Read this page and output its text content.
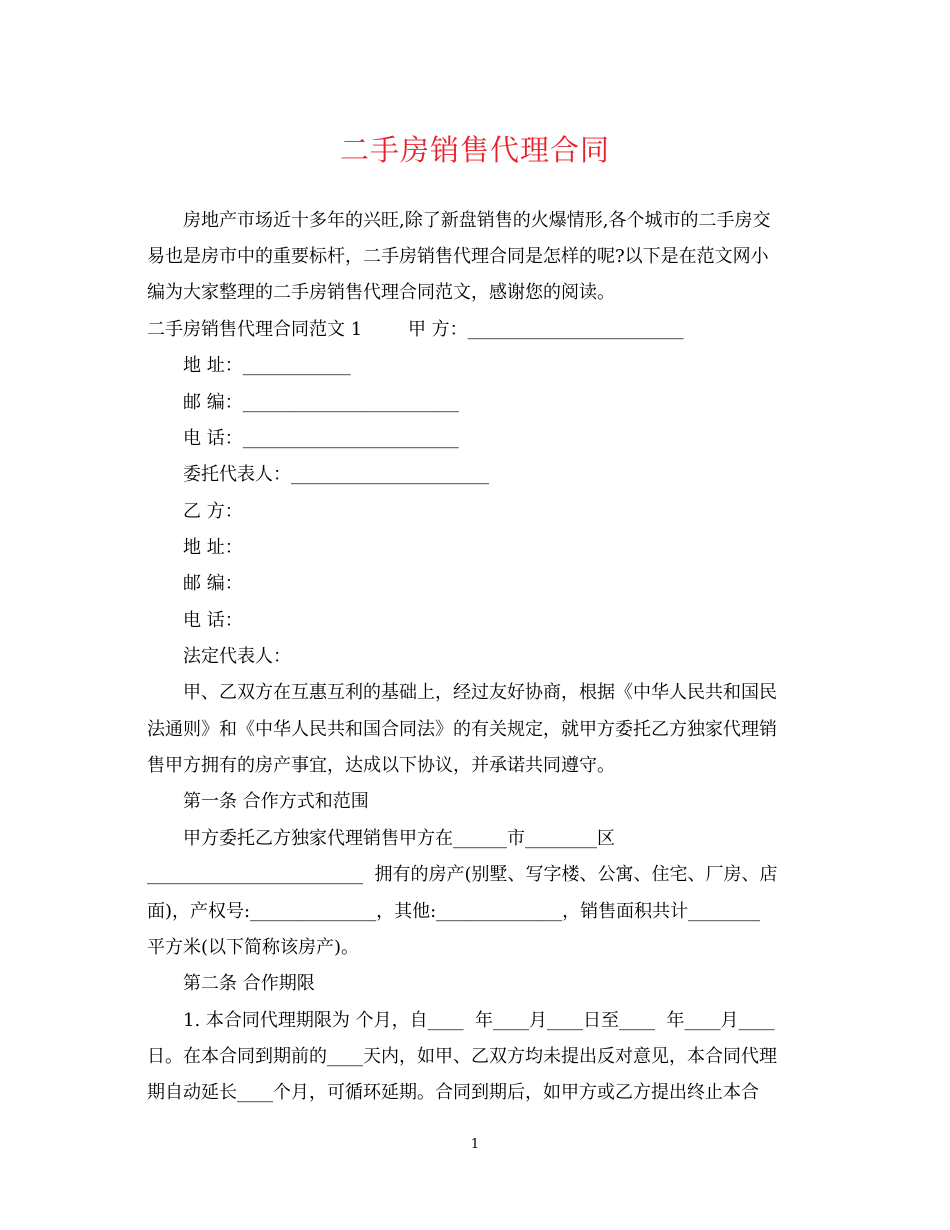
二手房销售代理合同
房地产市场近十多年的兴旺,除了新盘销售的火爆情形,各个城市的二手房交
易也是房市中的重要标杆，二手房销售代理合同是怎样的呢?以下是在范文网小
编为大家整理的二手房销售代理合同范文，感谢您的阅读。
二手房销售代理合同范文 1        甲 方：________________________
地 址：____________
邮 编：________________________
电 话：________________________
委托代表人：______________________
乙 方：
地 址：
邮 编：
电 话：
法定代表人：
甲、乙双方在互惠互利的基础上，经过友好协商，根据《中华人民共和国民
法通则》和《中华人民共和国合同法》的有关规定，就甲方委托乙方独家代理销
售甲方拥有的房产事宜，达成以下协议，并承诺共同遵守。
第一条 合作方式和范围
甲方委托乙方独家代理销售甲方在______市________区
________________________  拥有的房产(别墅、写字楼、公寓、住宅、厂房、店
面)，产权号:______________，其他:______________，销售面积共计________
平方米(以下简称该房产)。
第二条 合作期限
1. 本合同代理期限为 个月，自____  年____月____日至____  年____月____
日。在本合同到期前的____天内，如甲、乙双方均未提出反对意见，本合同代理
期自动延长____个月，可循环延期。合同到期后，如甲方或乙方提出终止本合
1
